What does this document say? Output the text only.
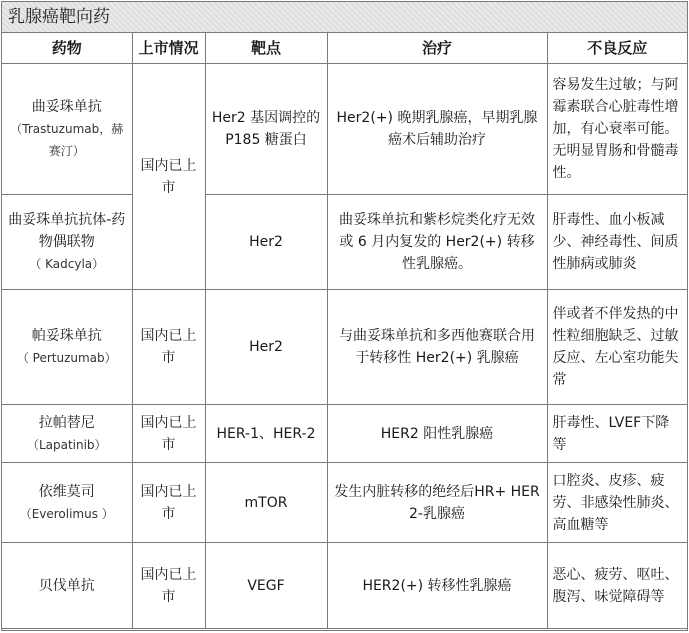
乳腺癌靶向药
药物	上市情况	靶点	治疗	不良反应

曲妥珠单抗
（Trastuzumab，赫赛汀）	国内已上市	Her2 基因调控的 P185 糖蛋白	Her2(+) 晚期乳腺癌，早期乳腺癌术后辅助治疗	容易发生过敏；与阿霉素联合心脏毒性增加，有心衰率可能。无明显胃肠和骨髓毒性。

曲妥珠单抗抗体-药物偶联物
（ Kadcyla）		Her2	曲妥珠单抗和紫杉烷类化疗无效或 6 月内复发的 Her2(+) 转移性乳腺癌。	肝毒性、血小板减少、神经毒性、间质性肺病或肺炎

帕妥珠单抗
（ Pertuzumab）	国内已上市	Her2	与曲妥珠单抗和多西他赛联合用于转移性 Her2(+) 乳腺癌	伴或者不伴发热的中性粒细胞缺乏、过敏反应、左心室功能失常

拉帕替尼
（Lapatinib）	国内已上市	HER-1、HER-2	HER2 阳性乳腺癌	肝毒性、LVEF下降等

依维莫司
（Everolimus ）	国内已上市	mTOR	发生内脏转移的绝经后HR+ HER2-乳腺癌	口腔炎、皮疹、疲劳、非感染性肺炎、高血糖等

贝伐单抗	国内已上市	VEGF	HER2(+) 转移性乳腺癌	恶心、疲劳、呕吐、腹泻、味觉障碍等
